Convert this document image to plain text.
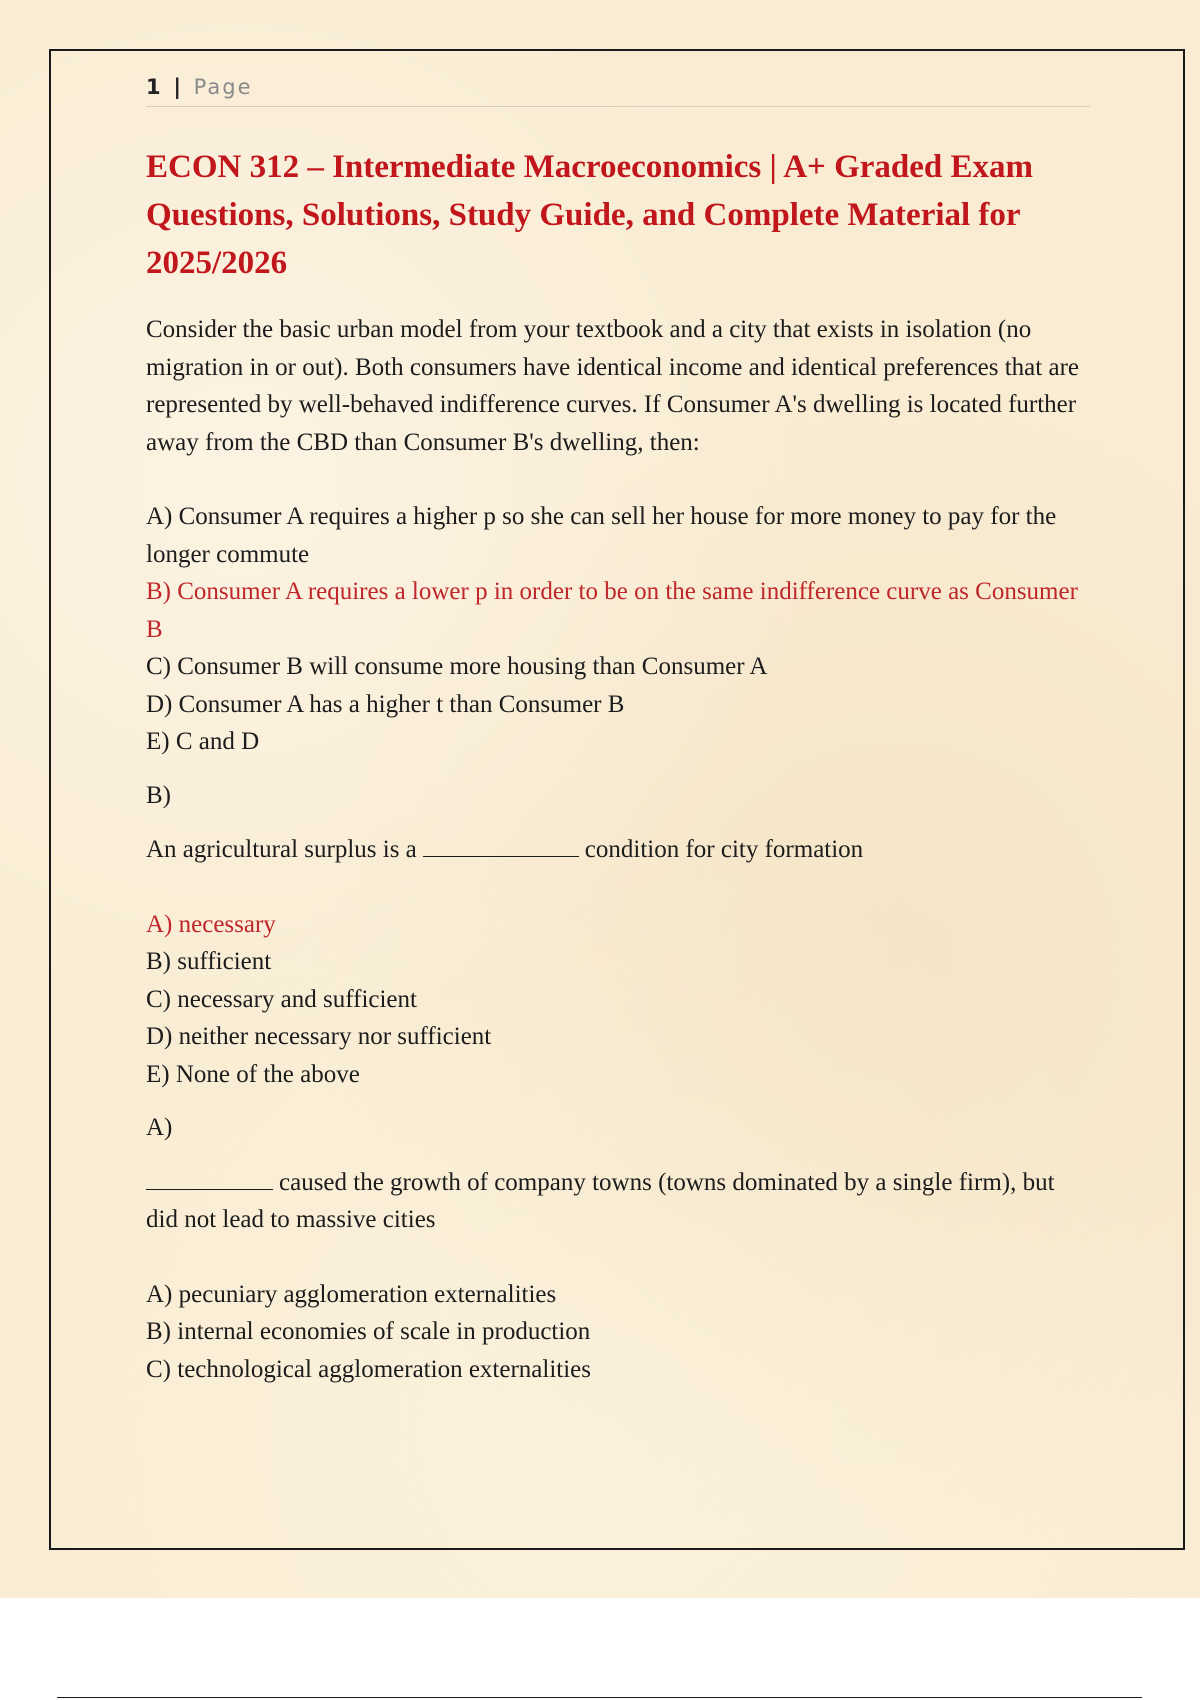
1 | Page
ECON 312 – Intermediate Macroeconomics | A+ Graded Exam Questions, Solutions, Study Guide, and Complete Material for 2025/2026

Consider the basic urban model from your textbook and a city that exists in isolation (no migration in or out). Both consumers have identical income and identical preferences that are represented by well-behaved indifference curves. If Consumer A's dwelling is located further away from the CBD than Consumer B's dwelling, then:

A) Consumer A requires a higher p so she can sell her house for more money to pay for the longer commute
B) Consumer A requires a lower p in order to be on the same indifference curve as Consumer B
C) Consumer B will consume more housing than Consumer A
D) Consumer A has a higher t than Consumer B
E) C and D
B)

An agricultural surplus is a	condition for city formation

A) necessary
B) sufficient
C) necessary and sufficient
D) neither necessary nor sufficient
E) None of the above
A)

caused the growth of company towns (towns dominated by a single firm), but did not lead to massive cities

A) pecuniary agglomeration externalities
B) internal economies of scale in production
C) technological agglomeration externalities
